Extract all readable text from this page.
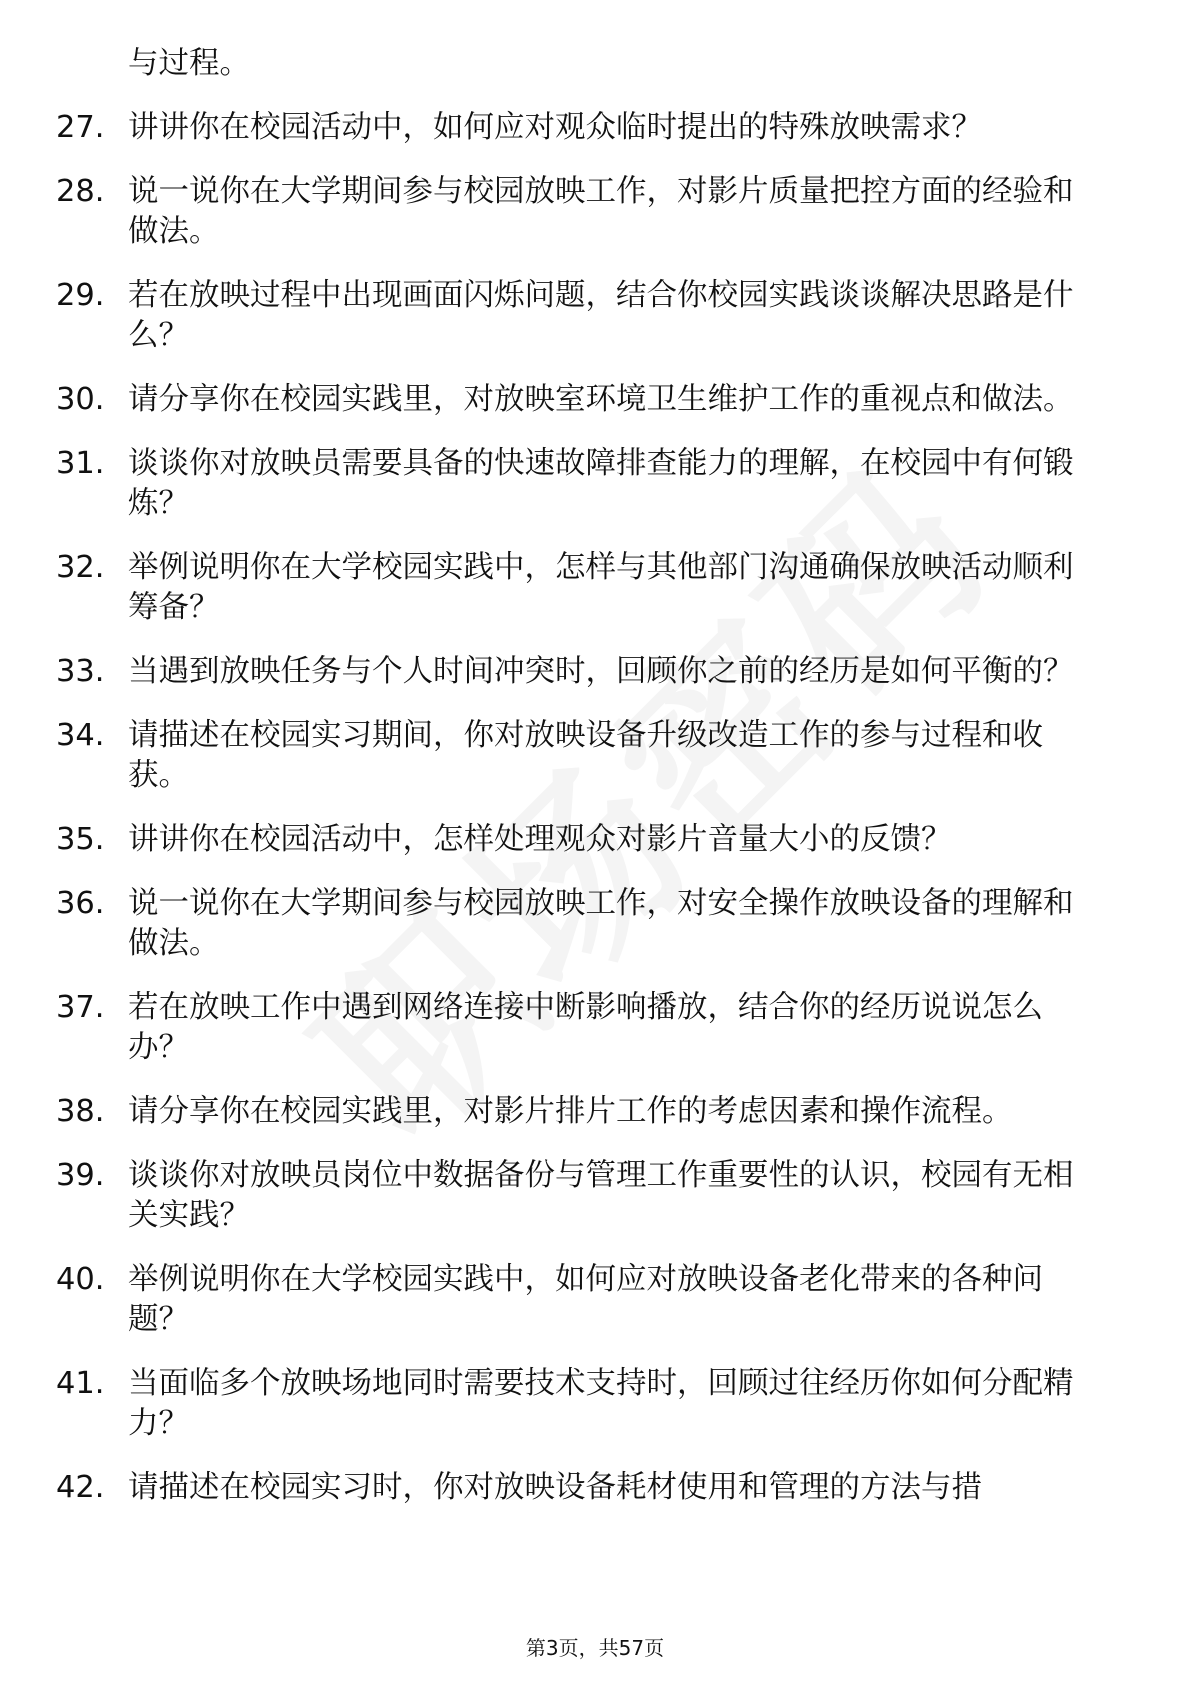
与过程。
27. 讲讲你在校园活动中，如何应对观众临时提出的特殊放映需求？
28. 说一说你在大学期间参与校园放映工作，对影片质量把控方面的经验和做法。
29. 若在放映过程中出现画面闪烁问题，结合你校园实践谈谈解决思路是什么？
30. 请分享你在校园实践里，对放映室环境卫生维护工作的重视点和做法。
31. 谈谈你对放映员需要具备的快速故障排查能力的理解，在校园中有何锻炼？
32. 举例说明你在大学校园实践中，怎样与其他部门沟通确保放映活动顺利筹备？
33. 当遇到放映任务与个人时间冲突时，回顾你之前的经历是如何平衡的？
34. 请描述在校园实习期间，你对放映设备升级改造工作的参与过程和收获。
35. 讲讲你在校园活动中，怎样处理观众对影片音量大小的反馈？
36. 说一说你在大学期间参与校园放映工作，对安全操作放映设备的理解和做法。
37. 若在放映工作中遇到网络连接中断影响播放，结合你的经历说说怎么办？
38. 请分享你在校园实践里，对影片排片工作的考虑因素和操作流程。
39. 谈谈你对放映员岗位中数据备份与管理工作重要性的认识，校园有无相关实践？
40. 举例说明你在大学校园实践中，如何应对放映设备老化带来的各种问题？
41. 当面临多个放映场地同时需要技术支持时，回顾过往经历你如何分配精力？
42. 请描述在校园实习时，你对放映设备耗材使用和管理的方法与措
第3页，共57页
